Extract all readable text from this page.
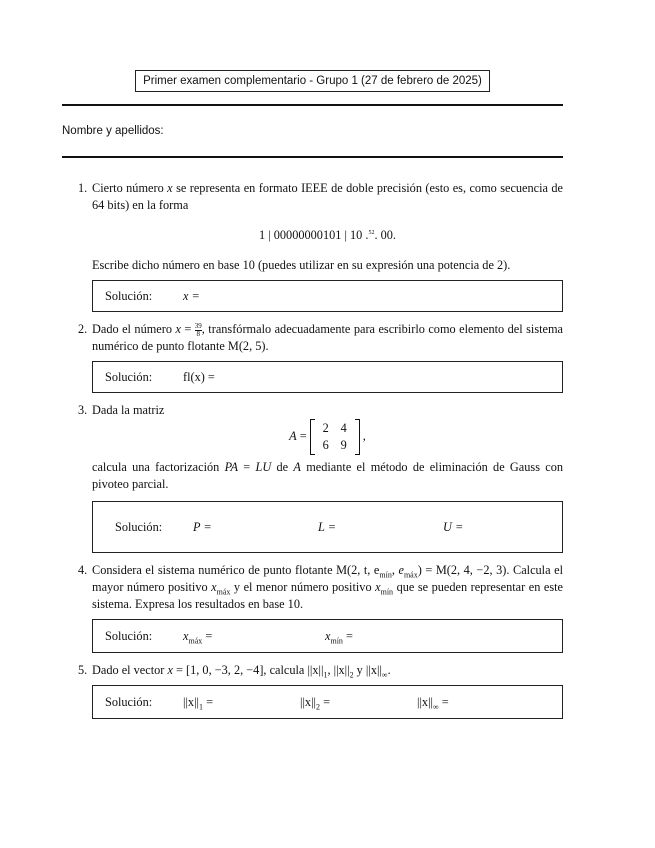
Primer examen complementario - Grupo 1 (27 de febrero de 2025)
Nombre y apellidos:
1. Cierto número x se representa en formato IEEE de doble precisión (esto es, como secuencia de 64 bits) en la forma
1 | 00000000101 | 10 .$^{52}$. 00.
Escribe dicho número en base 10 (puedes utilizar en su expresión una potencia de 2).
Solución:	x =
2. Dado el número $x = \frac{39}{8}$ , transfórmalo adecuadamente para escribirlo como elemento del sistema numérico de punto flotante M(2, 5).
Solución:	fl(x) =
3. Dada la matriz
A =
2 4
6 9
,
calcula una factorización PA = LU de A mediante el método de eliminación de Gauss con pivoteo parcial.
Solución:	P =	L =	U =
4. Considera el sistema numérico de punto flotante M(2, t, $e_{mín}$, $e_{máx}) = M(2$, 4, −2, 3). Calcula el mayor número positivo $x_{máx}$ y el menor número positivo $x_{mín}$ que se pueden representar en este sistema. Expresa los resultados en base 10.
Solución:	$x_{máx}$ =	$x_{mín}$ =
5. Dado el vector x = [1, 0, −3, 2, −4], calcula $||x||_1$, $||x||_2$ y $||x||_\infty$.
Solución:	$||x||_1$ =	$||x||_2$ =	$||x||_\infty$ =
